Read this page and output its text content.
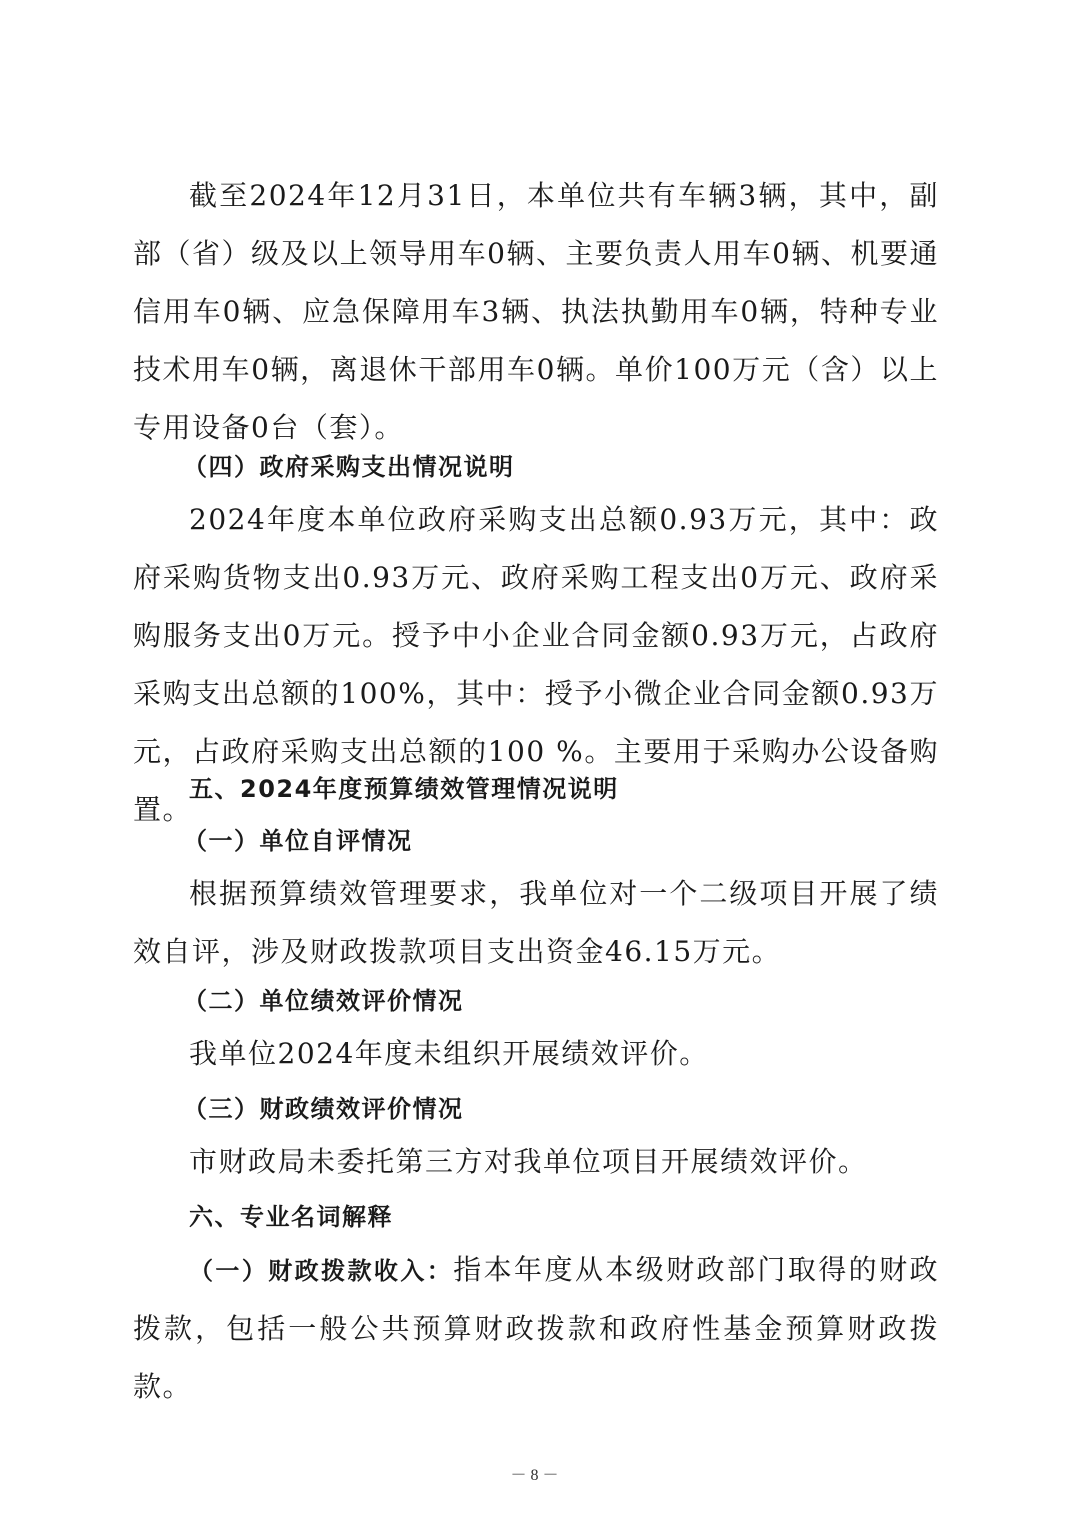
截至2024年12月31日，本单位共有车辆3辆，其中，副部（省）级及以上领导用车0辆、主要负责人用车0辆、机要通信用车0辆、应急保障用车3辆、执法执勤用车0辆，特种专业技术用车0辆，离退休干部用车0辆。单价100万元（含）以上专用设备0台（套）。

（四）政府采购支出情况说明

2024年度本单位政府采购支出总额0.93万元，其中：政府采购货物支出0.93万元、政府采购工程支出0万元、政府采购服务支出0万元。授予中小企业合同金额0.93万元，占政府采购支出总额的100%，其中：授予小微企业合同金额0.93万元，占政府采购支出总额的100 %。主要用于采购办公设备购置。

五、2024年度预算绩效管理情况说明

（一）单位自评情况

根据预算绩效管理要求，我单位对一个二级项目开展了绩效自评，涉及财政拨款项目支出资金46.15万元。

（二）单位绩效评价情况

我单位2024年度未组织开展绩效评价。

（三）财政绩效评价情况

市财政局未委托第三方对我单位项目开展绩效评价。

六、专业名词解释

（一）财政拨款收入：指本年度从本级财政部门取得的财政拨款，包括一般公共预算财政拨款和政府性基金预算财政拨款。

－ 8 －
